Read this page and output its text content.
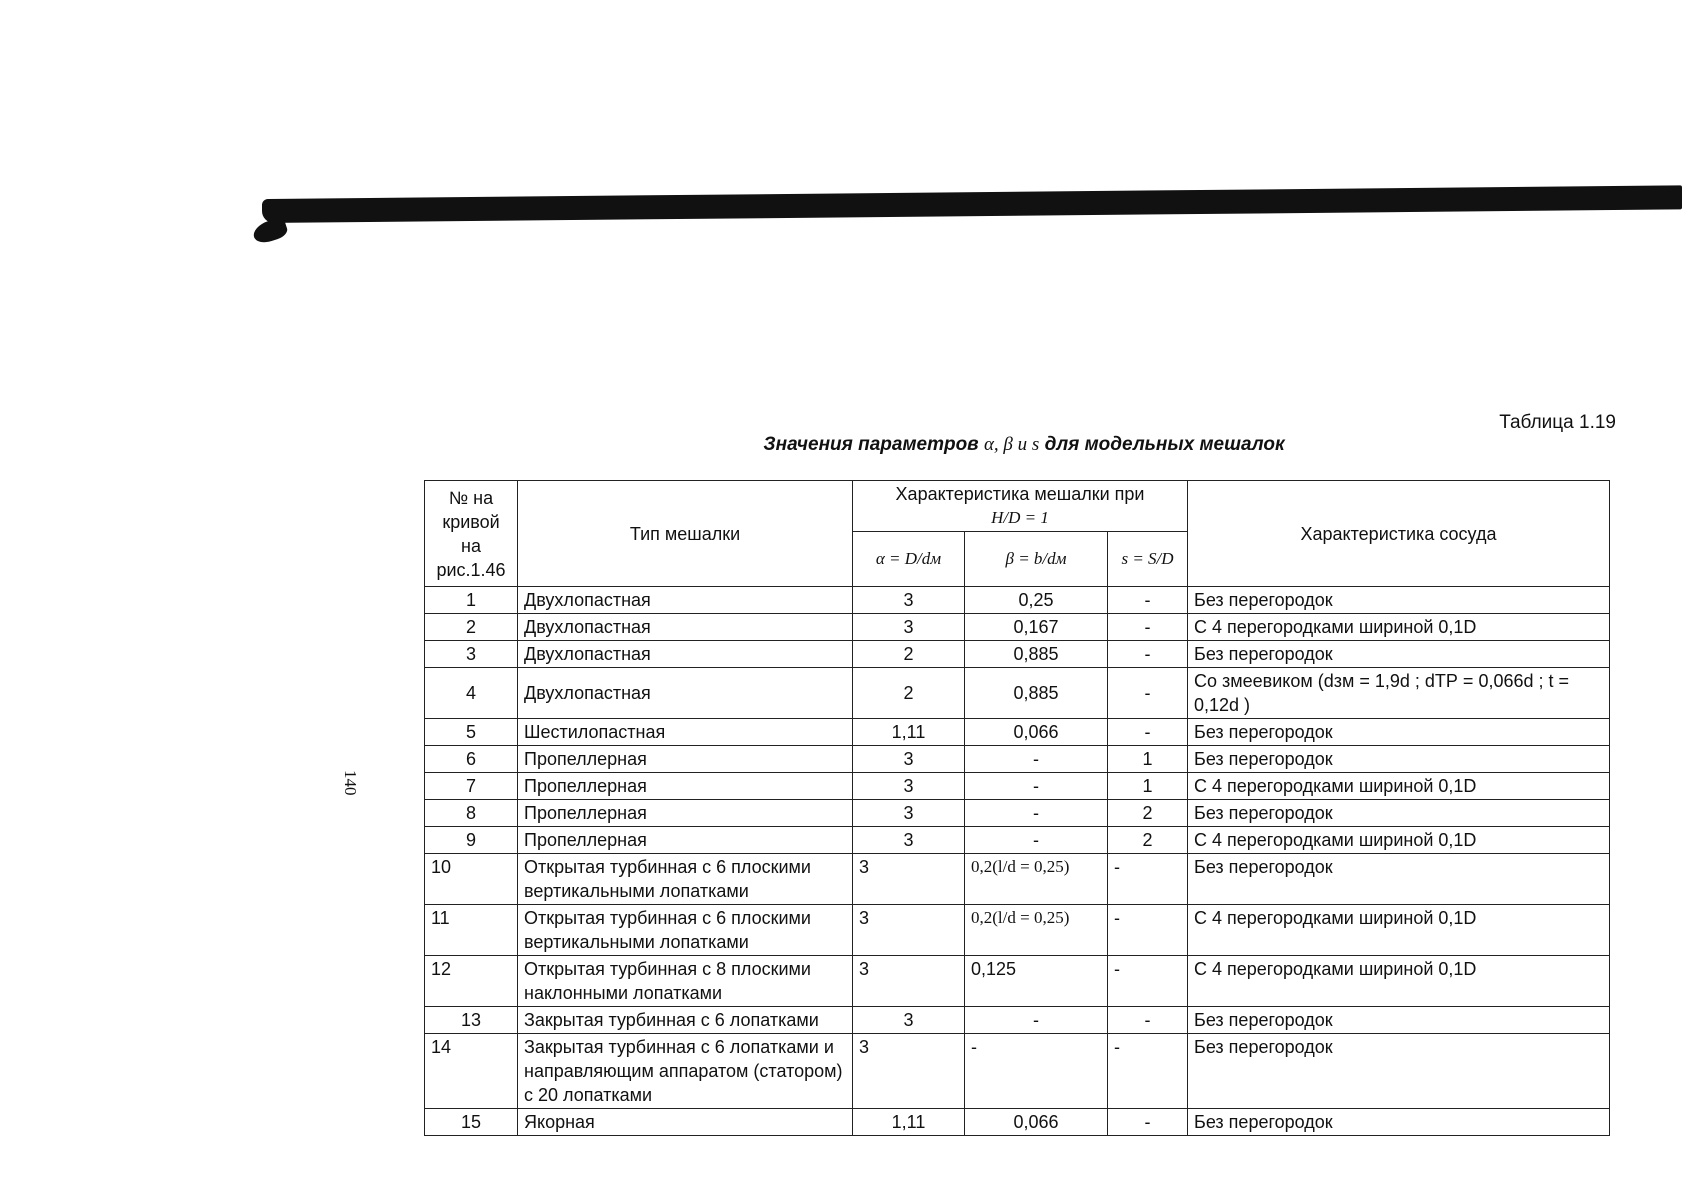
140
Таблица 1.19
Значения параметров α, β и s для модельных мешалок
№ на кривой на рис.1.46	Тип мешалки	Характеристика мешалки при
H/D = 1			Характеристика сосуда
		α = D/dм	β = b/dм	s = S/D	
1	Двухлопастная	3	0,25	-	Без перегородок
2	Двухлопастная	3	0,167	-	С 4 перегородками шириной 0,1D
3	Двухлопастная	2	0,885	-	Без перегородок
4	Двухлопастная	2	0,885	-	Со змеевиком (dзм = 1,9d ; dТР = 0,066d ; t = 0,12d )
5	Шестилопастная	1,11	0,066	-	Без перегородок
6	Пропеллерная	3	-	1	Без перегородок
7	Пропеллерная	3	-	1	С 4 перегородками шириной 0,1D
8	Пропеллерная	3	-	2	Без перегородок
9	Пропеллерная	3	-	2	С 4 перегородками шириной 0,1D
10	Открытая турбинная с 6 плоскими вертикальными лопатками	3	0,2(l/d = 0,25)	-	Без перегородок
11	Открытая турбинная с 6 плоскими вертикальными лопатками	3	0,2(l/d = 0,25)	-	С 4 перегородками шириной 0,1D
12	Открытая турбинная с 8 плоскими наклонными лопатками	3	0,125	-	С 4 перегородками шириной 0,1D
13	Закрытая турбинная с 6 лопатками	3	-	-	Без перегородок
14	Закрытая турбинная с 6 лопатками и направляющим аппаратом (статором) с 20 лопатками	3	-	-	Без перегородок
15	Якорная	1,11	0,066	-	Без перегородок
